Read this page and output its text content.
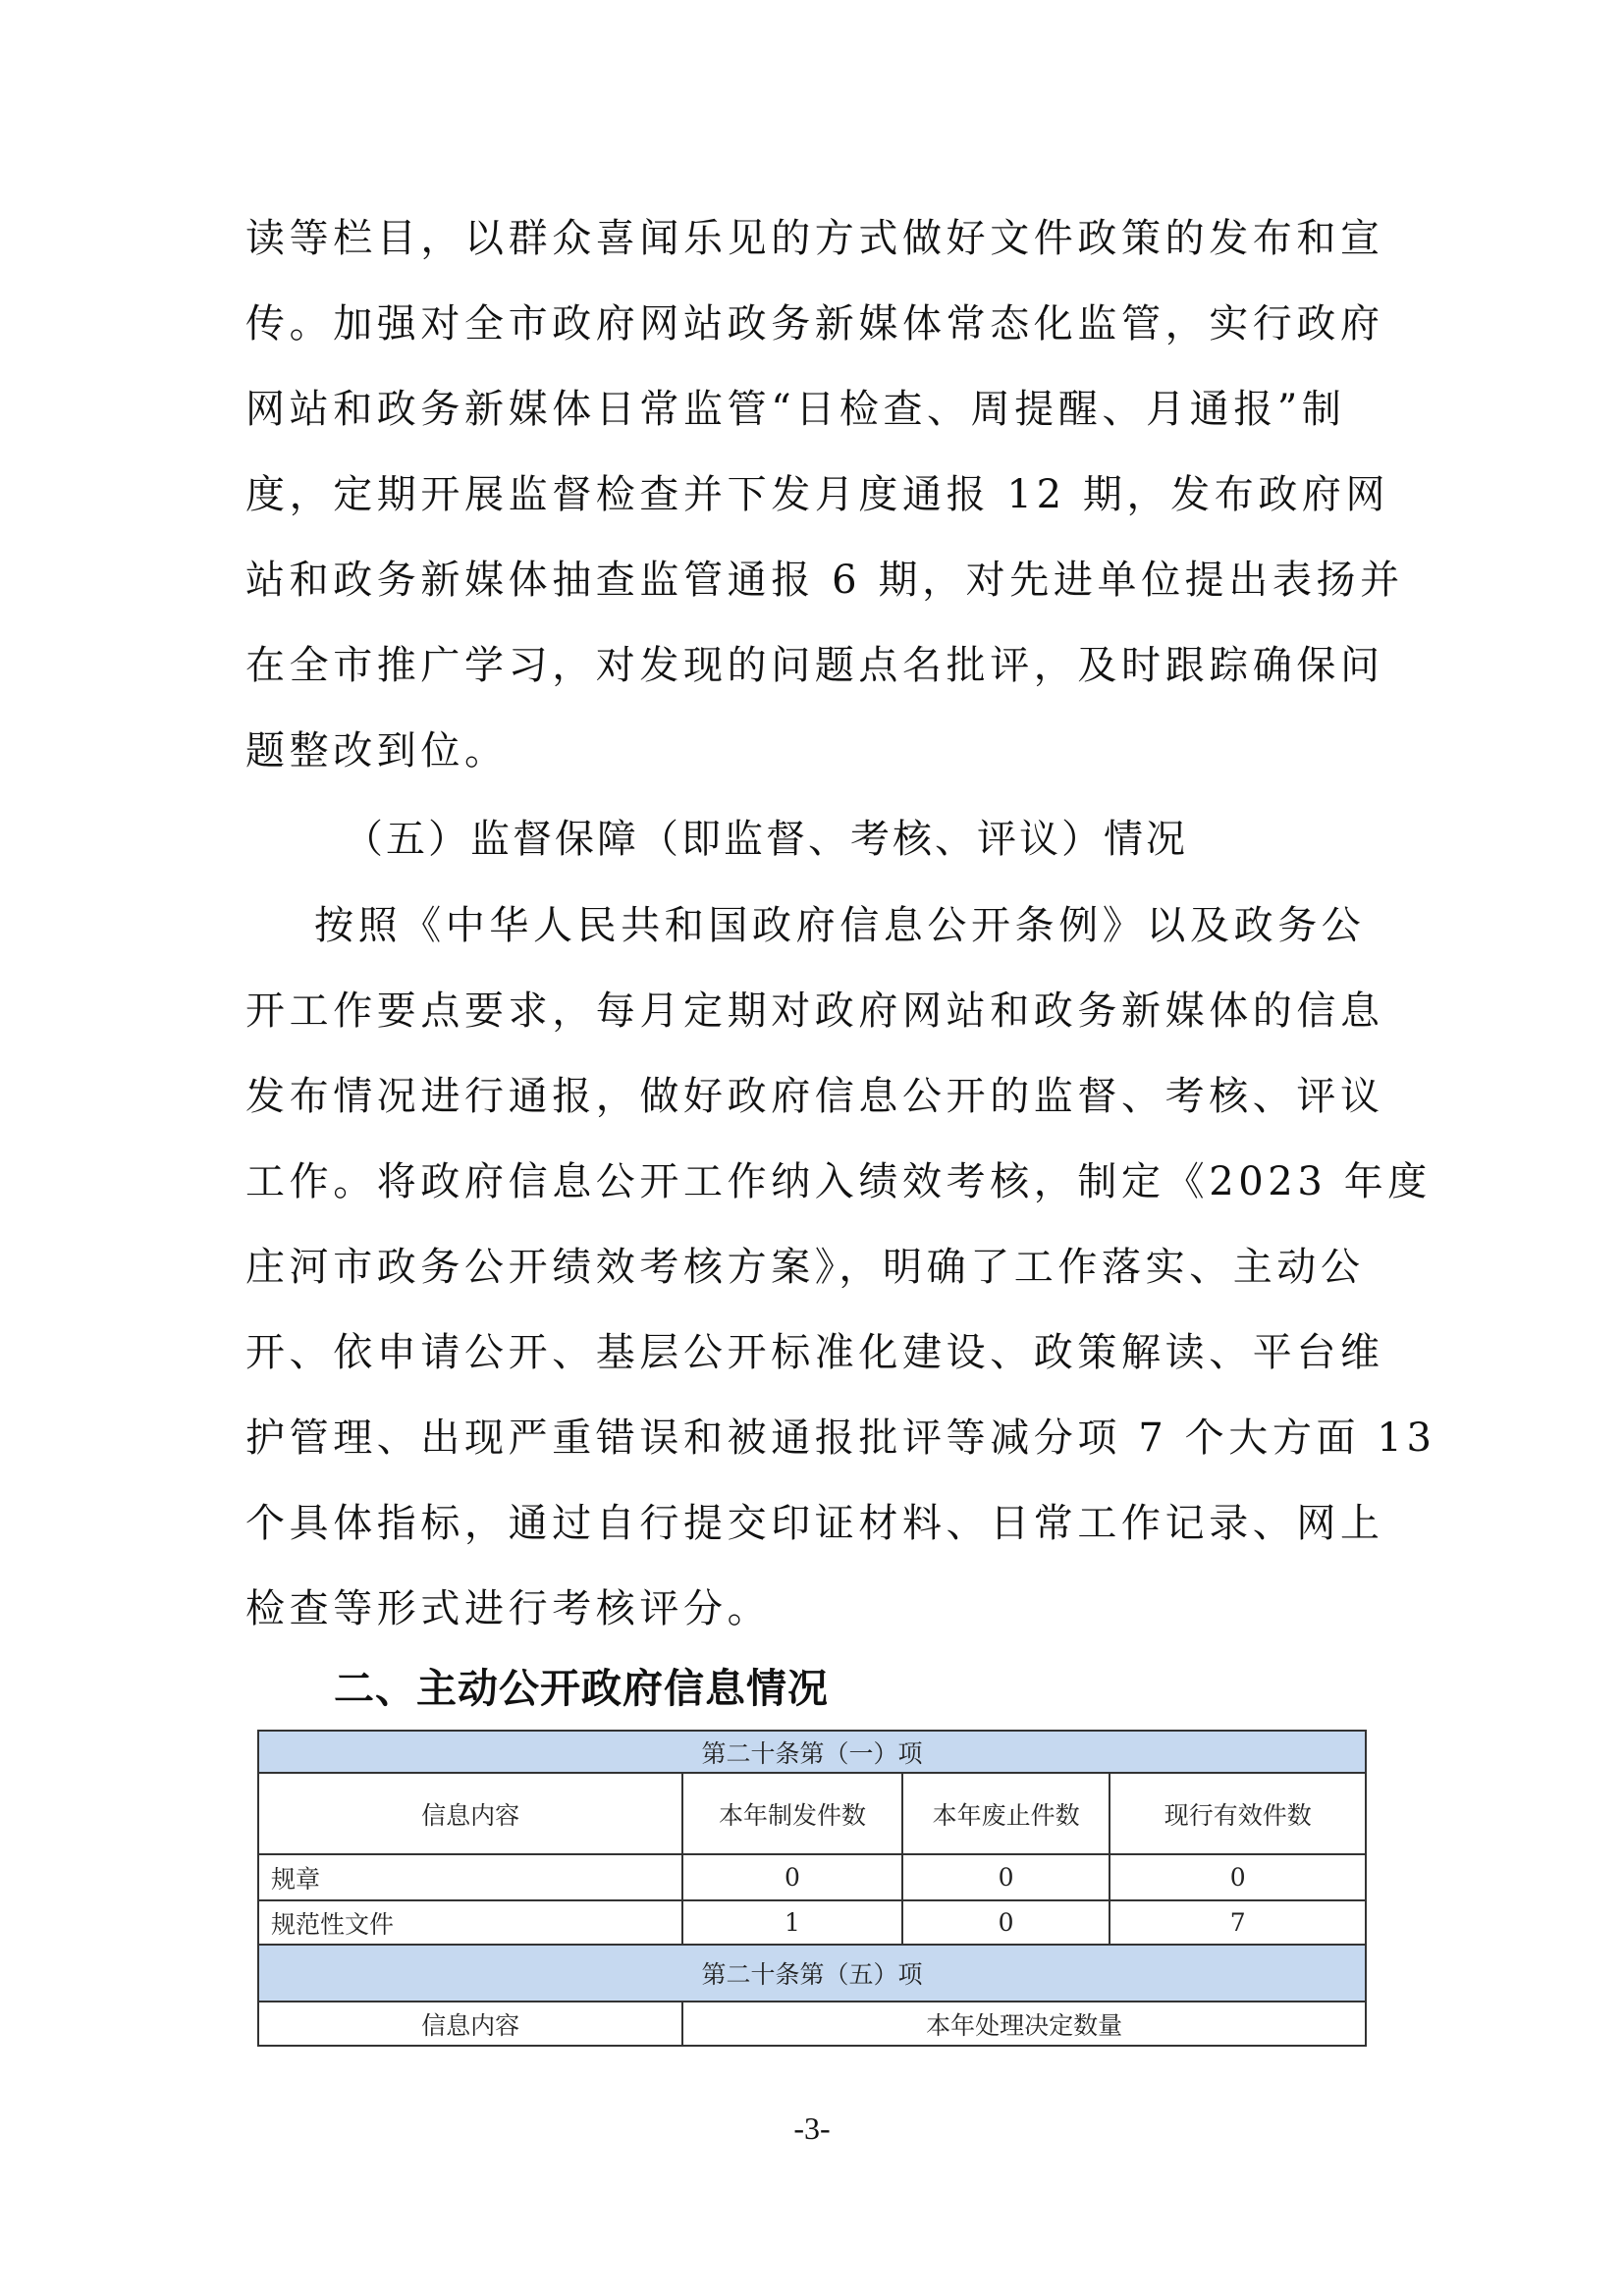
读等栏目，以群众喜闻乐见的方式做好文件政策的发布和宣
传。加强对全市政府网站政务新媒体常态化监管，实行政府
网站和政务新媒体日常监管“日检查、周提醒、月通报”制
度，定期开展监督检查并下发月度通报 12 期，发布政府网
站和政务新媒体抽查监管通报 6 期，对先进单位提出表扬并
在全市推广学习，对发现的问题点名批评，及时跟踪确保问
题整改到位。
（五）监督保障（即监督、考核、评议）情况
按照《中华人民共和国政府信息公开条例》以及政务公
开工作要点要求，每月定期对政府网站和政务新媒体的信息
发布情况进行通报，做好政府信息公开的监督、考核、评议
工作。将政府信息公开工作纳入绩效考核，制定《2023 年度
庄河市政务公开绩效考核方案》，明确了工作落实、主动公
开、依申请公开、基层公开标准化建设、政策解读、平台维
护管理、出现严重错误和被通报批评等减分项 7 个大方面 13
个具体指标，通过自行提交印证材料、日常工作记录、网上
检查等形式进行考核评分。
二、主动公开政府信息情况
第二十条第（一）项			
信息内容	本年制发件数	本年废止件数	现行有效件数
规章	0	0	0
规范性文件	1	0	7
第二十条第（五）项			
信息内容	本年处理决定数量		
-3-
